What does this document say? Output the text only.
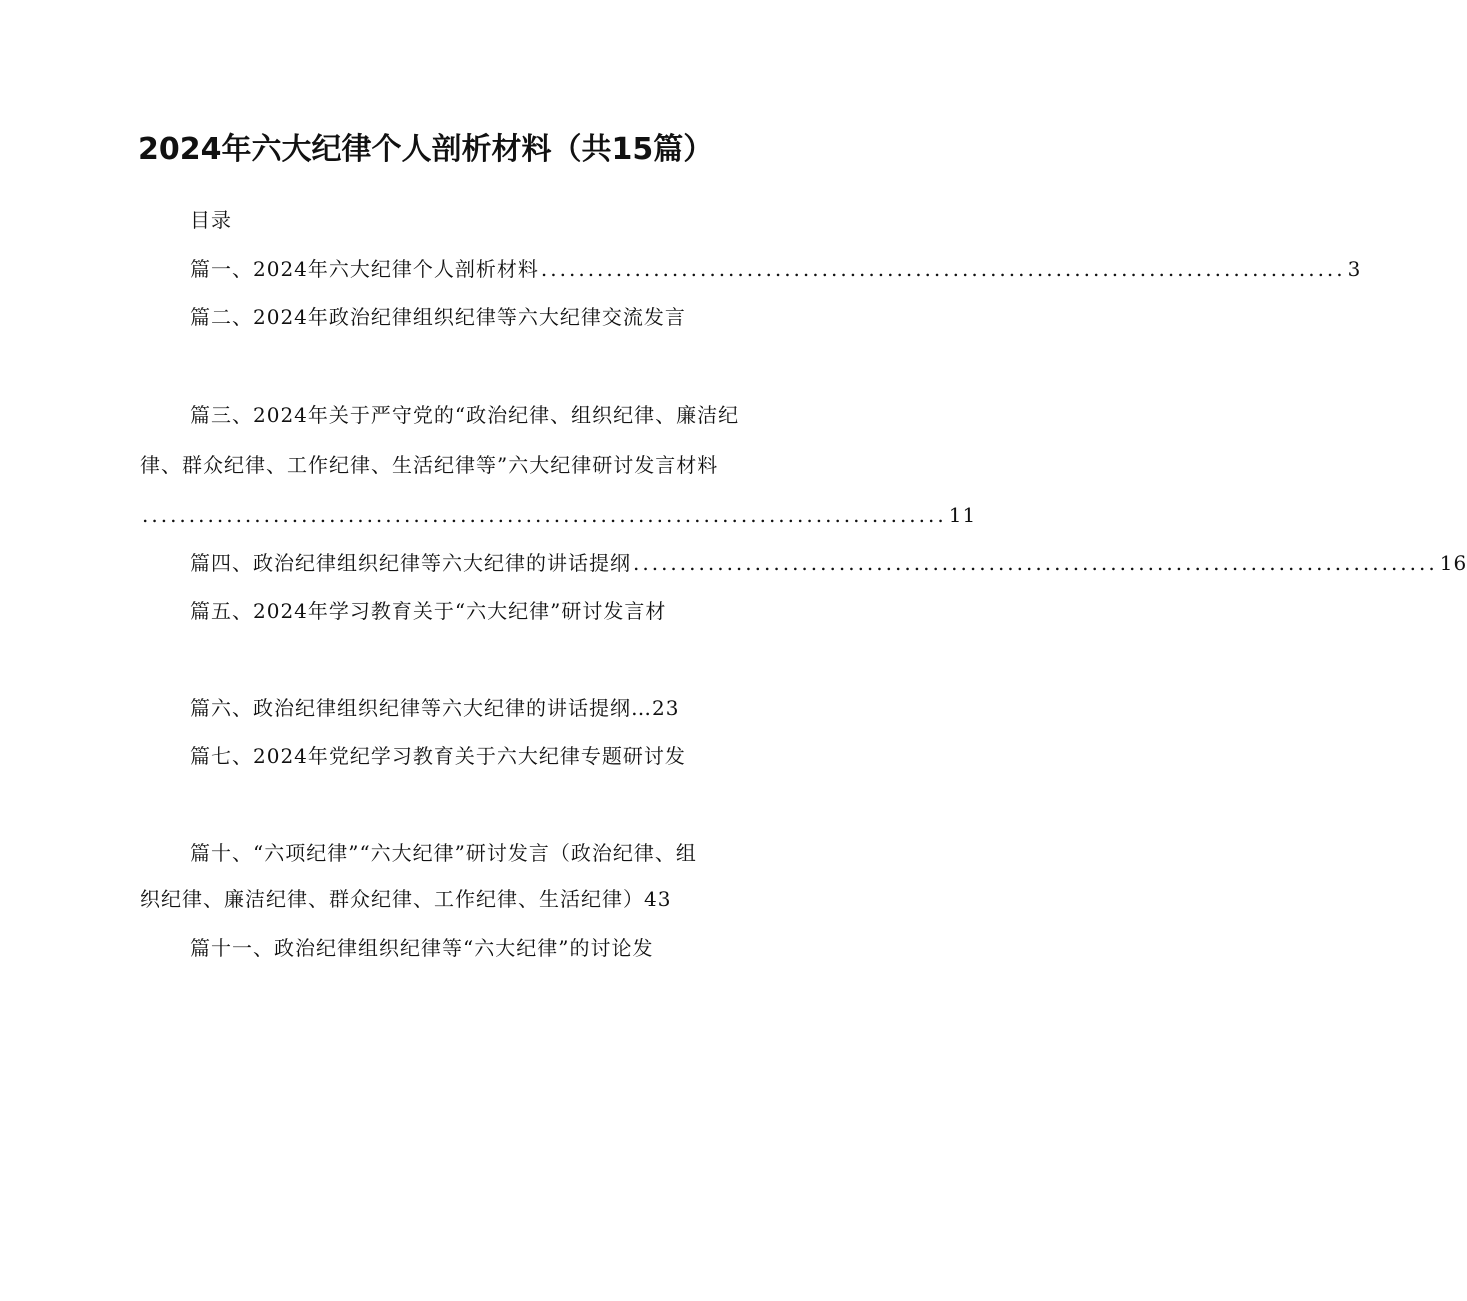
2024年六大纪律个人剖析材料（共15篇）
目录
篇一、2024年六大纪律个人剖析材料 ...................................................................................... 3
篇二、2024年政治纪律组织纪律等六大纪律交流发言
篇三、2024年关于严守党的“政治纪律、组织纪律、廉洁纪
律、群众纪律、工作纪律、生活纪律等”六大纪律研讨发言材料
...................................................................................... 11
篇四、政治纪律组织纪律等六大纪律的讲话提纲 ...................................................................................... 16
篇五、2024年学习教育关于“六大纪律”研讨发言材
篇六、政治纪律组织纪律等六大纪律的讲话提纲…23
篇七、2024年党纪学习教育关于六大纪律专题研讨发
篇十、“六项纪律”“六大纪律”研讨发言（政治纪律、组
织纪律、廉洁纪律、群众纪律、工作纪律、生活纪律）43
篇十一、政治纪律组织纪律等“六大纪律”的讨论发
